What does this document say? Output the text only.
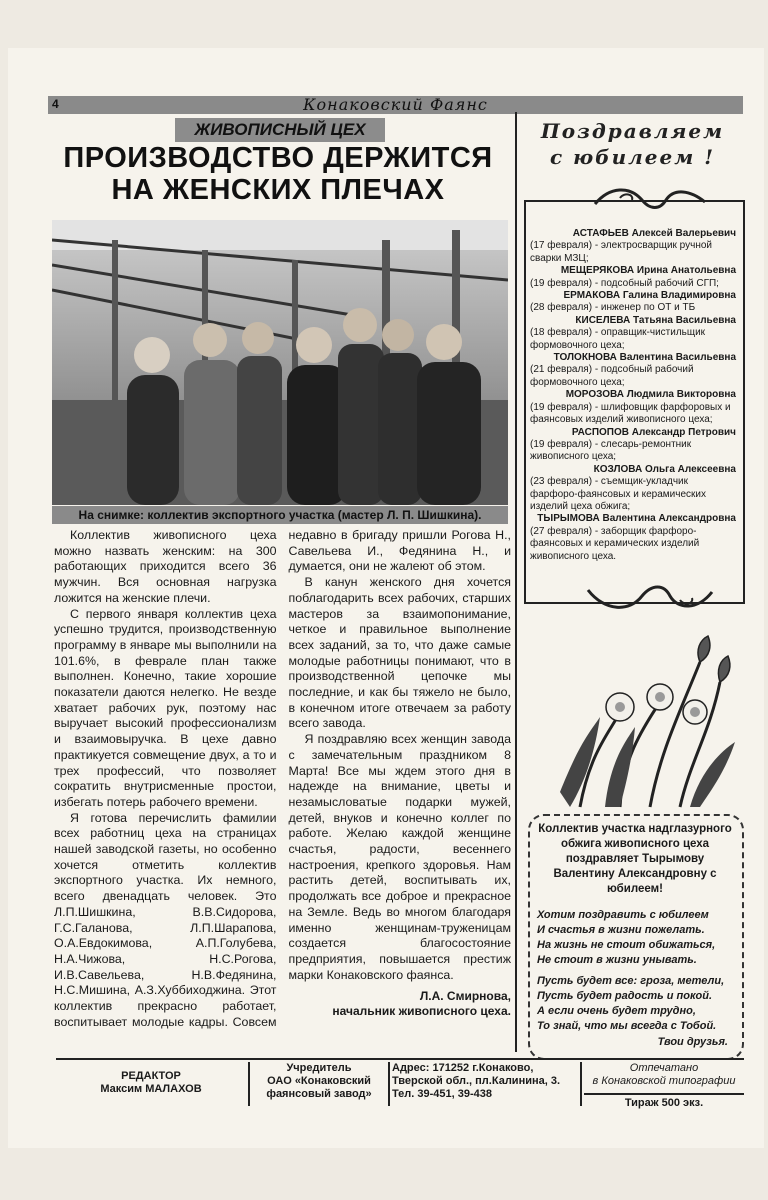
4	Конаковский Фаянс
ЖИВОПИСНЫЙ ЦЕХ
ПРОИЗВОДСТВО ДЕРЖИТСЯ
НА ЖЕНСКИХ ПЛЕЧАХ
На снимке: коллектив экспортного участка (мастер Л. П. Шишкина).

Коллектив живописного цеха можно назвать женским: на 300 работающих приходится всего 36 мужчин. Вся основная нагрузка ложится на женские плечи.

С первого января коллектив цеха успешно трудится, производственную программу в январе мы выполнили на 101.6%, в феврале план также выполнен. Конечно, такие хорошие показатели даются нелегко. Не везде хватает рабочих рук, поэтому нас выручает высокий профессионализм и взаимовыручка. В цехе давно практикуется совмещение двух, а то и трех профессий, что позволяет сократить внутрисменные простои, избегать потерь рабочего времени.

Я готова перечислить фамилии всех работниц цеха на страницах нашей заводской газеты, но особенно хочется отметить коллектив экспортного участка. Их немного, всего двенадцать человек. Это Л.П.Шишкина, В.В.Сидорова, Г.С.Галанова, Л.П.Шарапова, О.А.Евдокимова, А.П.Голубева, Н.А.Чижова, Н.С.Рогова, И.В.Савельева, Н.В.Федянина, Н.С.Мишина, А.З.Хуббиходжина. Этот коллектив прекрасно работает, воспитывает молодые кадры. Совсем недавно в бригаду пришли Рогова Н., Савельева И., Федянина Н., и думается, они не жалеют об этом.

В канун женского дня хочется поблагодарить всех рабочих, старших мастеров за взаимопонимание, четкое и правильное выполнение всех заданий, за то, что даже самые молодые работницы понимают, что в производственной цепочке мы последние, и как бы тяжело не было, в конечном итоге отвечаем за работу всего завода.

Я поздравляю всех женщин завода с замечательным праздником 8 Марта! Все мы ждем этого дня в надежде на внимание, цветы и незамысловатые подарки мужей, детей, внуков и конечно коллег по работе. Желаю каждой женщине счастья, радости, весеннего настроения, крепкого здоровья. Нам растить детей, воспитывать их, продолжать все доброе и прекрасное на Земле. Ведь во многом благодаря именно женщинам-труженицам создается благосостояние предприятия, повышается престиж марки Конаковского фаянса.

Л.А. Смирнова,
начальник живописного цеха.
Поздравляем
с юбилеем !
АСТАФЬЕВ Алексей Валерьевич
(17 февраля) - электросварщик ручной сварки МЗЦ;
МЕЩЕРЯКОВА Ирина Анатольевна
(19 февраля) - подсобный рабочий СГП;
ЕРМАКОВА Галина Владимировна
(28 февраля) - инженер по ОТ и ТБ
КИСЕЛЕВА Татьяна Васильевна
(18 февраля) - оправщик-чистильщик формовочного цеха;
ТОЛОКНОВА Валентина Васильевна
(21 февраля) - подсобный рабочий формовочного цеха;
МОРОЗОВА Людмила Викторовна
(19 февраля) - шлифовщик фарфоровых и фаянсовых изделий живописного цеха;
РАСПОПОВ Александр Петрович
(19 февраля) - слесарь-ремонтник живописного цеха;
КОЗЛОВА Ольга Алексеевна
(23 февраля) - съемщик-укладчик фарфоро-фаянсовых и керамических изделий цеха обжига;
ТЫРЫМОВА Валентина Александровна
(27 февраля) - заборщик фарфоро-фаянсовых и керамических изделий живописного цеха.
Коллектив участка надглазурного обжига живописного цеха поздравляет Тырымову Валентину Александровну с юбилеем!
Хотим поздравить с юбилеем
И счастья в жизни пожелать.
На жизнь не стоит обижаться,
Не стоит в жизни унывать.
Пусть будет все: гроза, метели,
Пусть будет радость и покой.
А если очень будет трудно,
То знай, что мы всегда с Тобой.
Твои друзья.
РЕДАКТОР
Максим МАЛАХОВ
Учредитель
ОАО «Конаковский фаянсовый завод»
Адрес: 171252 г.Конаково,
Тверской обл., пл.Калинина, 3.
Тел. 39-451, 39-438
Отпечатано
в Конаковской типографии
Тираж 500 экз.
